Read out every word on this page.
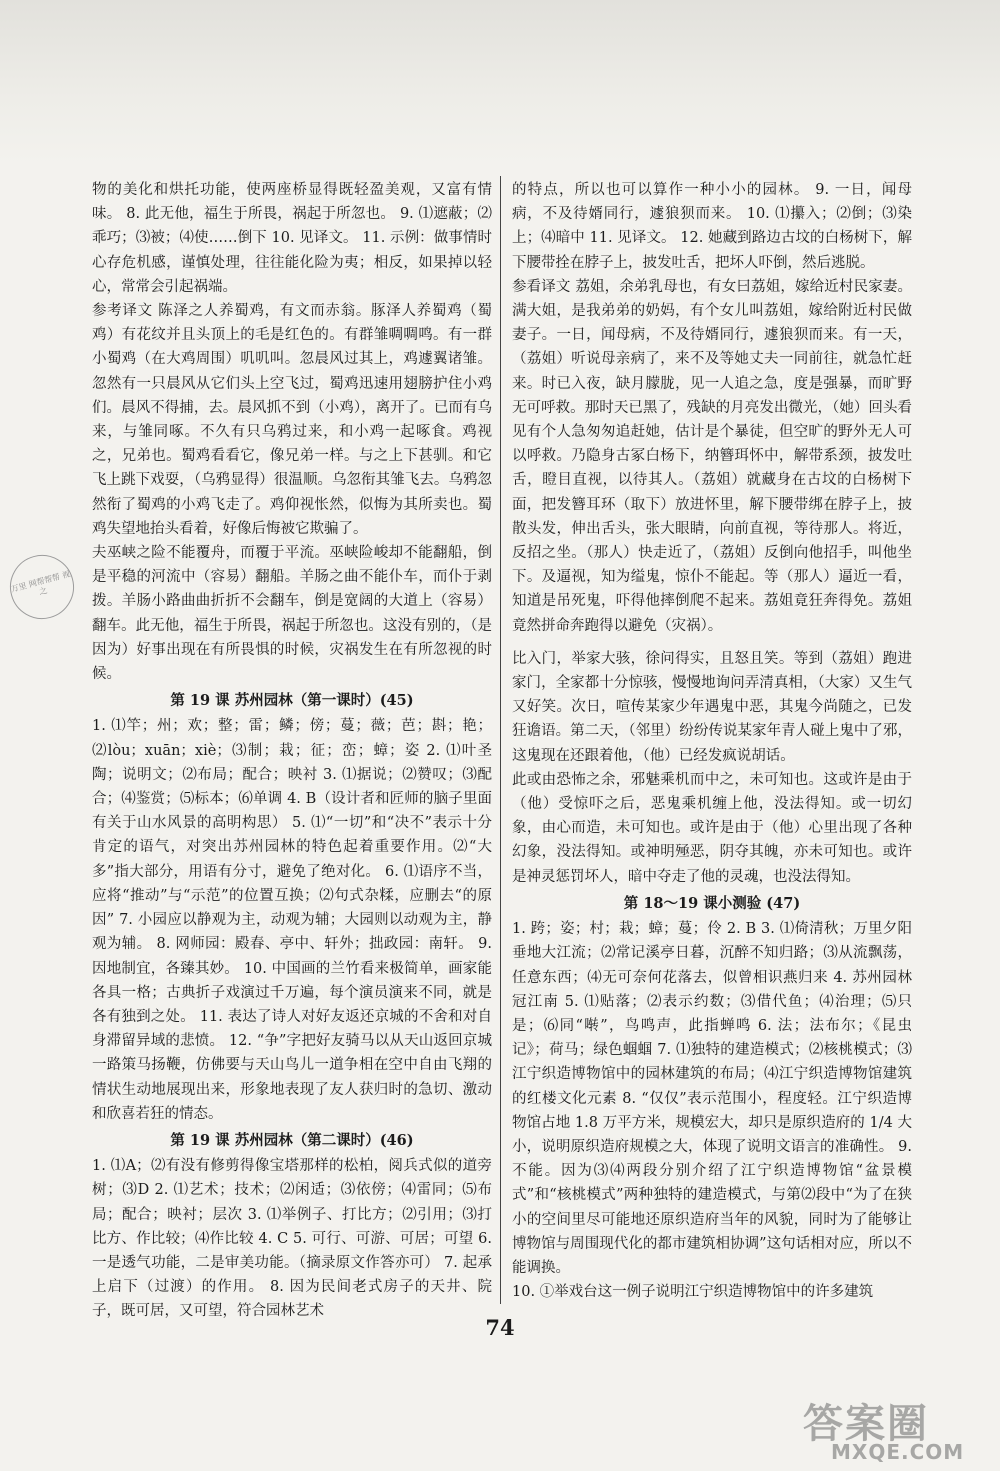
物的美化和烘托功能，使两座桥显得既轻盈美观，又富有情味。 8. 此无他，福生于所畏，祸起于所忽也。 9. ⑴遮蔽；⑵乖巧；⑶被；⑷使……倒下 10. 见译文。 11. 示例：做事情时心存危机感，谨慎处理，往往能化险为夷；相反，如果掉以轻心，常常会引起祸端。

参考译文 陈泽之人养蜀鸡，有文而赤翁。豚泽人养蜀鸡（蜀鸡）有花纹并且头顶上的毛是红色的。有群雏啁啁鸣。有一群小蜀鸡（在大鸡周围）叽叽叫。忽晨风过其上，鸡遽翼诸雏。忽然有一只晨风从它们头上空飞过，蜀鸡迅速用翅膀护住小鸡们。晨风不得捕，去。晨风抓不到（小鸡），离开了。已而有乌来，与雏同啄。不久有只乌鸦过来，和小鸡一起啄食。鸡视之，兄弟也。蜀鸡看看它，像兄弟一样。与之上下甚驯。和它飞上跳下戏耍，（乌鸦显得）很温顺。乌忽衔其雏飞去。乌鸦忽然衔了蜀鸡的小鸡飞走了。鸡仰视怅然，似悔为其所卖也。蜀鸡失望地抬头看着，好像后悔被它欺骗了。

夫巫峡之险不能覆舟，而覆于平流。巫峡险峻却不能翻船，倒是平稳的河流中（容易）翻船。羊肠之曲不能仆车，而仆于剥拨。羊肠小路曲曲折折不会翻车，倒是宽阔的大道上（容易）翻车。此无他，福生于所畏，祸起于所忽也。这没有别的，（是因为）好事出现在有所畏惧的时候，灾祸发生在有所忽视的时候。

第 19 课 苏州园林（第一课时）(45)

1. ⑴竿；州；欢；整；雷；鳞；傍；蔓；薇；芭；斟；艳；⑵lòu；xuān；xiè；⑶制；栽；征；峦；蟑；姿 2. ⑴叶圣陶；说明文；⑵布局；配合；映衬 3. ⑴据说；⑵赞叹；⑶配合；⑷鉴赏；⑸标本；⑹单调 4. B（设计者和匠师的脑子里面有关于山水风景的高明构思） 5. ⑴“一切”和“决不”表示十分肯定的语气，对突出苏州园林的特色起着重要作用。⑵“大多”指大部分，用语有分寸，避免了绝对化。 6. ⑴语序不当，应将“推动”与“示范”的位置互换；⑵句式杂糅，应删去“的原因” 7. 小园应以静观为主，动观为辅；大园则以动观为主，静观为辅。 8. 网师园：殿春、亭中、轩外；拙政园：南轩。 9. 因地制宜，各臻其妙。 10. 中国画的兰竹看来极简单，画家能各具一格；古典折子戏演过千万遍，每个演员演来不同，就是各有独到之处。 11. 表达了诗人对好友返还京城的不舍和对自身滞留异域的悲愤。 12. “争”字把好友骑马以从天山返回京城一路策马扬鞭，仿佛要与天山鸟儿一道争相在空中自由飞翔的情状生动地展现出来，形象地表现了友人获归时的急切、激动和欣喜若狂的情态。

第 19 课 苏州园林（第二课时）(46)

1. ⑴A；⑵有没有修剪得像宝塔那样的松柏，阅兵式似的道旁树；⑶D 2. ⑴艺术；技术；⑵闲适；⑶依傍；⑷雷同；⑸布局；配合；映衬；层次 3. ⑴举例子、打比方；⑵引用；⑶打比方、作比较；⑷作比较 4. C 5. 可行、可游、可居；可望 6. 一是透气功能，二是审美功能。（摘录原文作答亦可） 7. 起承上启下（过渡）的作用。 8. 因为民间老式房子的天井、院子，既可居，又可望，符合园林艺术

的特点，所以也可以算作一种小小的园林。 9. 一日，闻母病，不及待婿同行，遽狼狈而来。 10. ⑴攥入；⑵倒；⑶染上；⑷暗中 11. 见译文。 12. 她藏到路边古坟的白杨树下，解下腰带拴在脖子上，披发吐舌，把坏人吓倒，然后逃脱。

参看译文 荔姐，余弟乳母也，有女曰荔姐，嫁给近村民家妻。满大姐，是我弟弟的奶妈，有个女儿叫荔姐，嫁给附近村民做妻子。一日，闻母病，不及待婿同行，遽狼狈而来。有一天，（荔姐）听说母亲病了，来不及等她丈夫一同前往，就急忙赶来。时已入夜，缺月朦胧，见一人追之急，度是强暴，而旷野无可呼救。那时天已黑了，残缺的月亮发出微光，（她）回头看见有个人急匆匆追赶她，估计是个暴徒，但空旷的野外无人可以呼救。乃隐身古冢白杨下，纳簪珥怀中，解带系颈，披发吐舌，瞪目直视，以待其人。（荔姐）就藏身在古坟的白杨树下面，把发簪耳环（取下）放进怀里，解下腰带绑在脖子上，披散头发，伸出舌头，张大眼睛，向前直视，等待那人。将近，反招之坐。（那人）快走近了，（荔姐）反倒向他招手，叫他坐下。及逼视，知为缢鬼，惊仆不能起。等（那人）逼近一看，知道是吊死鬼，吓得他摔倒爬不起来。荔姐竟狂奔得免。荔姐竟然拼命奔跑得以避免（灾祸）。

比入门，举家大骇，徐问得实，且怒且笑。等到（荔姐）跑进家门，全家都十分惊骇，慢慢地询问弄清真相，（大家）又生气又好笑。次日，喧传某家少年遇鬼中恶，其鬼今尚随之，已发狂谵语。第二天，（邻里）纷纷传说某家年青人碰上鬼中了邪，这鬼现在还跟着他，（他）已经发疯说胡话。

此或由恐怖之余，邪魅乘机而中之，未可知也。这或许是由于（他）受惊吓之后，恶鬼乘机缠上他，没法得知。或一切幻象，由心而造，未可知也。或许是由于（他）心里出现了各种幻象，没法得知。或神明殛恶，阴夺其魄，亦未可知也。或许是神灵惩罚坏人，暗中夺走了他的灵魂，也没法得知。

第 18～19 课小测验 (47)

1. 跨；姿；村；栽；蟑；蔓；伶 2. B 3. ⑴倚清秋；万里夕阳垂地大江流；⑵常记溪亭日暮，沉醉不知归路；⑶从流飘荡，任意东西；⑷无可奈何花落去，似曾相识燕归来 4. 苏州园林冠江南 5. ⑴贴落；⑵表示约数；⑶借代鱼；⑷治理；⑸只是；⑹同“啭”，鸟鸣声，此指蝉鸣 6. 法；法布尔；《昆虫记》；荷马；绿色蝈蝈 7. ⑴独特的建造模式；⑵核桃模式；⑶江宁织造博物馆中的园林建筑的布局；⑷江宁织造博物馆建筑的红楼文化元素 8. “仅仅”表示范围小，程度轻。江宁织造博物馆占地 1.8 万平方米，规模宏大，却只是原织造府的 1/4 大小，说明原织造府规模之大，体现了说明文语言的准确性。 9. 不能。因为⑶⑷两段分别介绍了江宁织造博物馆“盆景模式”和“核桃模式”两种独特的建造模式，与第⑵段中“为了在狭小的空间里尽可能地还原织造府当年的风貌，同时为了能够让博物馆与周围现代化的都市建筑相协调”这句话相对应，所以不能调换。

10. ①举戏台这一例子说明江宁织造博物馆中的许多建筑

万里 网帮帮帮 视之
74
答案圈
MXQE.COM
